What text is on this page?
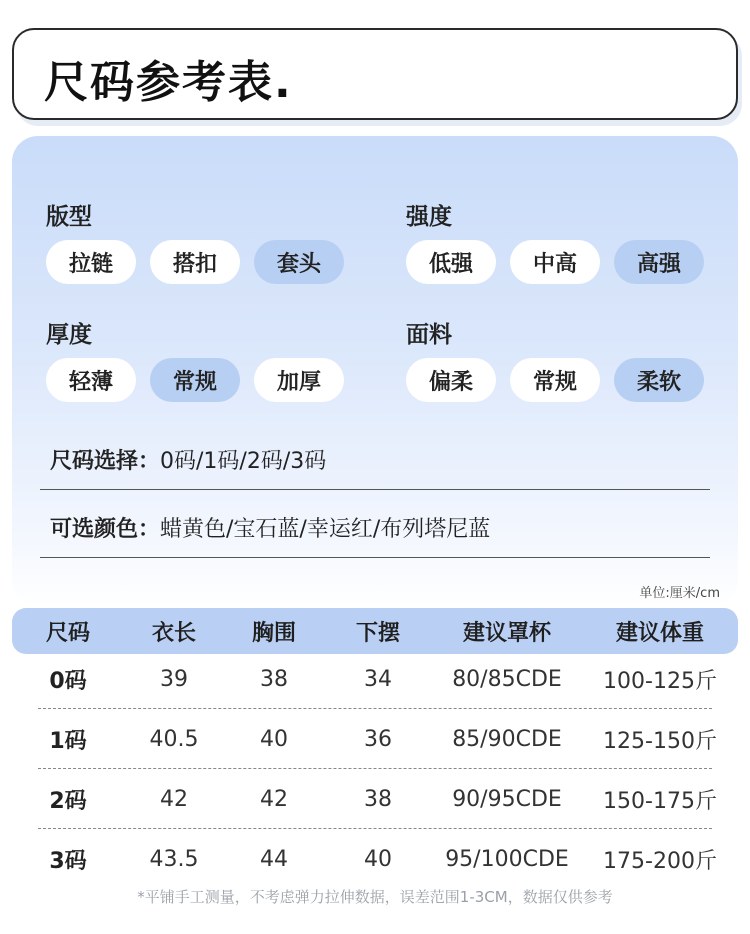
尺码参考表.
版型
拉链	搭扣	套头
强度
低强	中高	高强
厚度
轻薄	常规	加厚
面料
偏柔	常规	柔软
尺码选择：0码/1码/2码/3码
可选颜色：蜡黄色/宝石蓝/幸运红/布列塔尼蓝
单位:厘米/cm
尺码	衣长	胸围	下摆	建议罩杯	建议体重
0码	39	38	34	80/85CDE	100-125斤
1码	40.5	40	36	85/90CDE	125-150斤
2码	42	42	38	90/95CDE	150-175斤
3码	43.5	44	40	95/100CDE	175-200斤
*平铺手工测量，不考虑弹力拉伸数据，误差范围1-3CM，数据仅供参考
